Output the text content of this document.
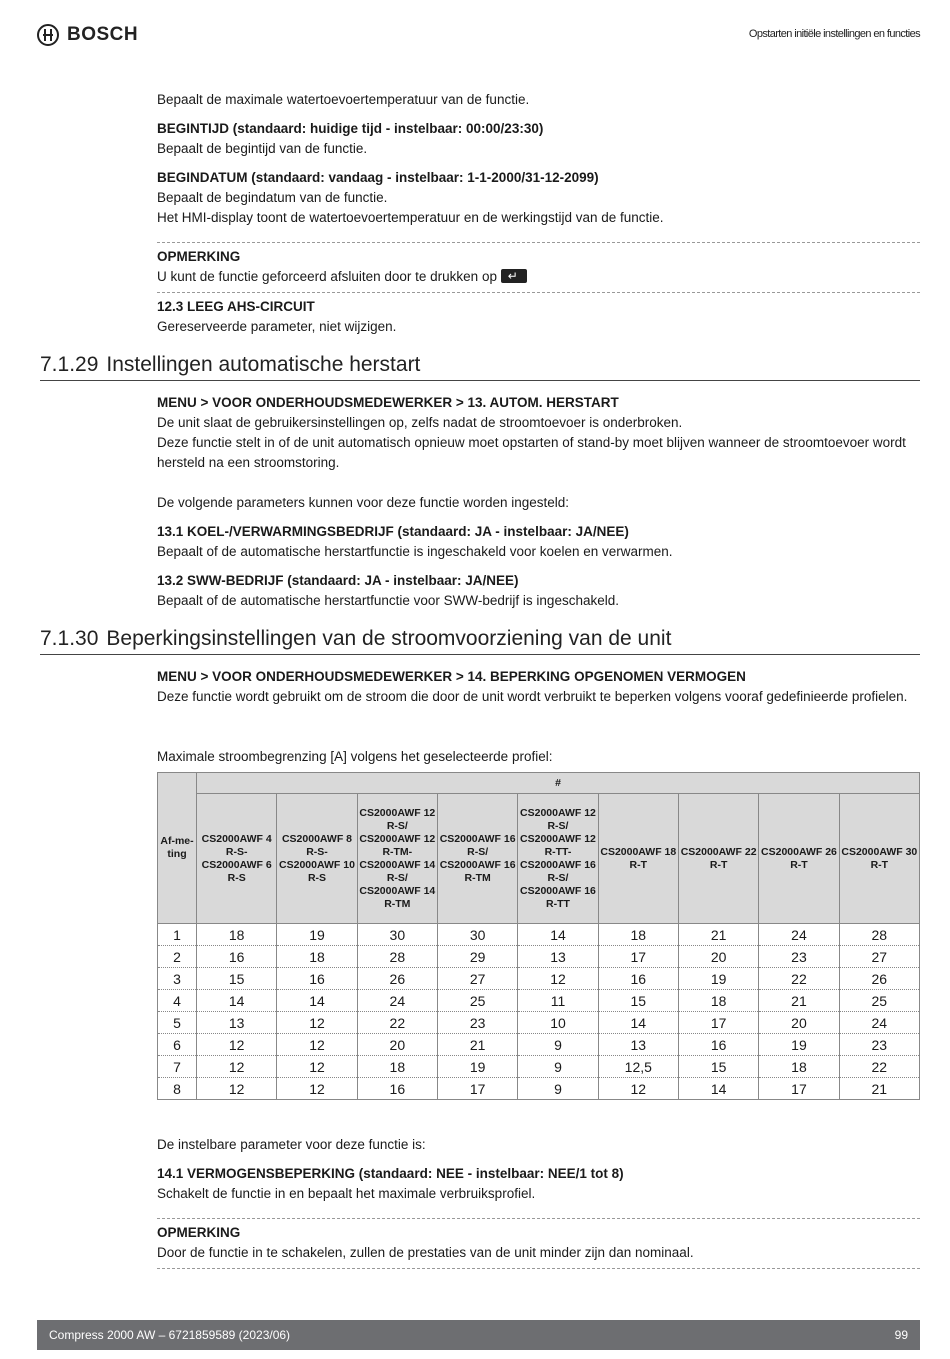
BOSCH	Opstarten initiële instellingen en functies

Bepaalt de maximale watertoevoertemperatuur van de functie.

BEGINTIJD (standaard: huidige tijd - instelbaar: 00:00/23:30)

Bepaalt de begintijd van de functie.

BEGINDATUM (standaard: vandaag - instelbaar: 1-1-2000/31-12-2099)

Bepaalt de begindatum van de functie.

Het HMI-display toont de watertoevoertemperatuur en de werkingstijd van de functie.

OPMERKING

U kunt de functie geforceerd afsluiten door te drukken op ↵

12.3 LEEG AHS-CIRCUIT

Gereserveerde parameter, niet wijzigen.

7.1.29 Instellingen automatische herstart

MENU > VOOR ONDERHOUDSMEDEWERKER > 13. AUTOM. HERSTART

De unit slaat de gebruikersinstellingen op, zelfs nadat de stroomtoevoer is onderbroken.

Deze functie stelt in of de unit automatisch opnieuw moet opstarten of stand-by moet blijven wanneer de stroomtoevoer wordt hersteld na een stroomstoring.

De volgende parameters kunnen voor deze functie worden ingesteld:

13.1 KOEL-/VERWARMINGSBEDRIJF (standaard: JA - instelbaar: JA/NEE)

Bepaalt of de automatische herstartfunctie is ingeschakeld voor koelen en verwarmen.

13.2 SWW-BEDRIJF (standaard: JA - instelbaar: JA/NEE)

Bepaalt of de automatische herstartfunctie voor SWW-bedrijf is ingeschakeld.

7.1.30 Beperkingsinstellingen van de stroomvoorziening van de unit

MENU > VOOR ONDERHOUDSMEDEWERKER > 14. BEPERKING OPGENOMEN VERMOGEN

Deze functie wordt gebruikt om de stroom die door de unit wordt verbruikt te beperken volgens vooraf gedefinieerde profielen.

Maximale stroombegrenzing [A] volgens het geselecteerde profiel:

Af-me-ting	#								
	CS2000AWF 4 R-S-CS2000AWF 6 R-S	CS2000AWF 8 R-S-CS2000AWF 10 R-S	CS2000AWF 12 R-S/ CS2000AWF 12 R-TM-CS2000AWF 14 R-S/ CS2000AWF 14 R-TM	CS2000AWF 16 R-S/ CS2000AWF 16 R-TM	CS2000AWF 12 R-S/ CS2000AWF 12 R-TT-CS2000AWF 16 R-S/ CS2000AWF 16 R-TT	CS2000AWF 18 R-T	CS2000AWF 22 R-T	CS2000AWF 26 R-T	CS2000AWF 30 R-T
1	18	19	30	30	14	18	21	24	28
2	16	18	28	29	13	17	20	23	27
3	15	16	26	27	12	16	19	22	26
4	14	14	24	25	11	15	18	21	25
5	13	12	22	23	10	14	17	20	24
6	12	12	20	21	9	13	16	19	23
7	12	12	18	19	9	12,5	15	18	22
8	12	12	16	17	9	12	14	17	21

De instelbare parameter voor deze functie is:

14.1 VERMOGENSBEPERKING (standaard: NEE - instelbaar: NEE/1 tot 8)

Schakelt de functie in en bepaalt het maximale verbruiksprofiel.

OPMERKING

Door de functie in te schakelen, zullen de prestaties van de unit minder zijn dan nominaal.

Compress 2000 AW – 6721859589 (2023/06)	99
